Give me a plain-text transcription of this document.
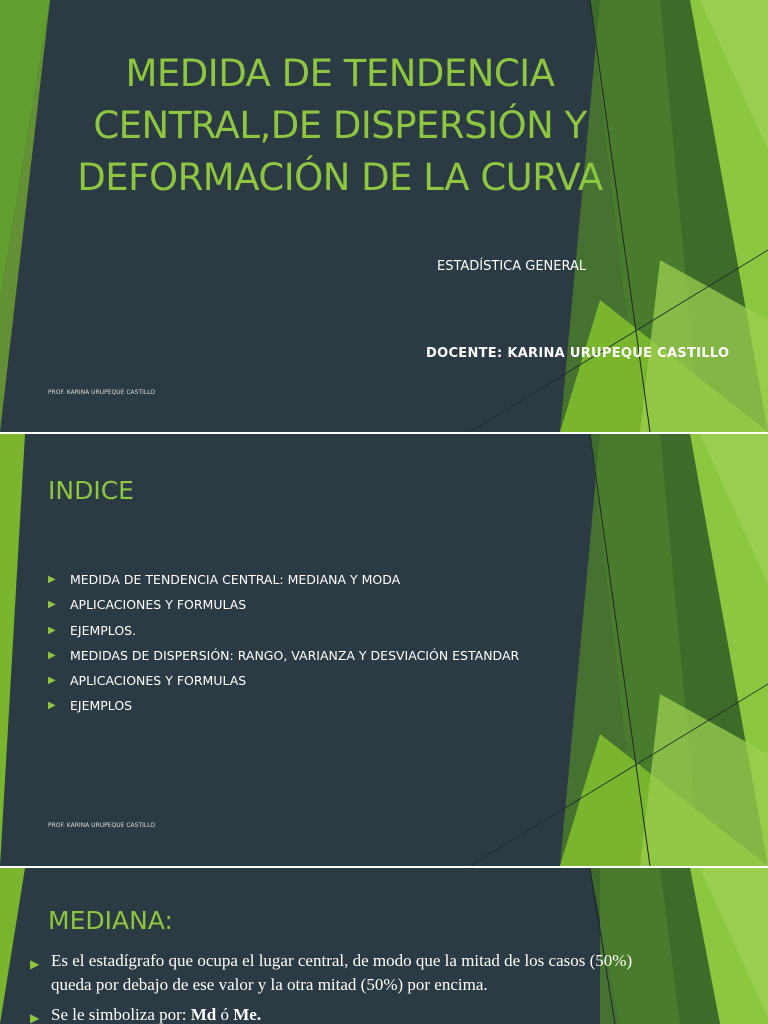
MEDIDA DE TENDENCIA CENTRAL,DE DISPERSIÓN Y DEFORMACIÓN DE LA CURVA
ESTADÍSTICA GENERAL
DOCENTE: KARINA URUPEQUE CASTILLO
PROF. KARINA URUPEQUE CASTILLO
INDICE
▶	MEDIDA DE TENDENCIA CENTRAL: MEDIANA Y MODA
▶	APLICACIONES Y FORMULAS
▶	EJEMPLOS.
▶	MEDIDAS DE DISPERSIÓN: RANGO, VARIANZA Y DESVIACIÓN ESTANDAR
▶	APLICACIONES Y FORMULAS
▶	EJEMPLOS
PROF. KARINA URUPEQUE CASTILLO
MEDIANA:
▶ Es el estadígrafo que ocupa el lugar central, de modo que la mitad de los casos (50%) queda por debajo de ese valor y la otra mitad (50%) por encima.
▶ Se le simboliza por: Md ó Me.
